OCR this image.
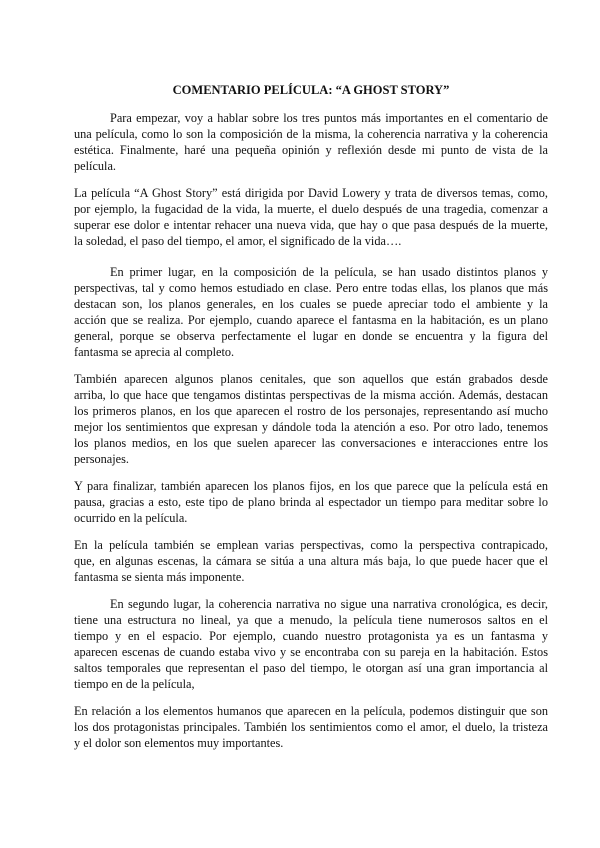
COMENTARIO PELÍCULA: “A GHOST STORY”
Para empezar, voy a hablar sobre los tres puntos más importantes en el comentario de
una película, como lo son la composición de la misma, la coherencia narrativa y la coherencia
estética. Finalmente, haré una pequeña opinión y reflexión desde mi punto de vista de la
película.
La película “A Ghost Story” está dirigida por David Lowery y trata de diversos temas, como,
por ejemplo, la fugacidad de la vida, la muerte, el duelo después de una tragedia, comenzar a
superar ese dolor e intentar rehacer una nueva vida, que hay o que pasa después de la muerte,
la soledad, el paso del tiempo, el amor, el significado de la vida….
En primer lugar, en la composición de la película, se han usado distintos planos y
perspectivas, tal y como hemos estudiado en clase. Pero entre todas ellas, los planos que más
destacan son, los planos generales, en los cuales se puede apreciar todo el ambiente y la
acción que se realiza. Por ejemplo, cuando aparece el fantasma en la habitación, es un plano
general, porque se observa perfectamente el lugar en donde se encuentra y la figura del
fantasma se aprecia al completo.
También aparecen algunos planos cenitales, que son aquellos que están grabados desde
arriba, lo que hace que tengamos distintas perspectivas de la misma acción. Además, destacan
los primeros planos, en los que aparecen el rostro de los personajes, representando así mucho
mejor los sentimientos que expresan y dándole toda la atención a eso. Por otro lado, tenemos
los planos medios, en los que suelen aparecer las conversaciones e interacciones entre los
personajes.
Y para finalizar, también aparecen los planos fijos, en los que parece que la película está en
pausa, gracias a esto, este tipo de plano brinda al espectador un tiempo para meditar sobre lo
ocurrido en la película.
En la película también se emplean varias perspectivas, como la perspectiva contrapicado,
que, en algunas escenas, la cámara se sitúa a una altura más baja, lo que puede hacer que el
fantasma se sienta más imponente.
En segundo lugar, la coherencia narrativa no sigue una narrativa cronológica, es decir,
tiene una estructura no lineal, ya que a menudo, la película tiene numerosos saltos en el
tiempo y en el espacio. Por ejemplo, cuando nuestro protagonista ya es un fantasma y
aparecen escenas de cuando estaba vivo y se encontraba con su pareja en la habitación. Estos
saltos temporales que representan el paso del tiempo, le otorgan así una gran importancia al
tiempo en de la película,
En relación a los elementos humanos que aparecen en la película, podemos distinguir que son
los dos protagonistas principales. También los sentimientos como el amor, el duelo, la tristeza
y el dolor son elementos muy importantes.
